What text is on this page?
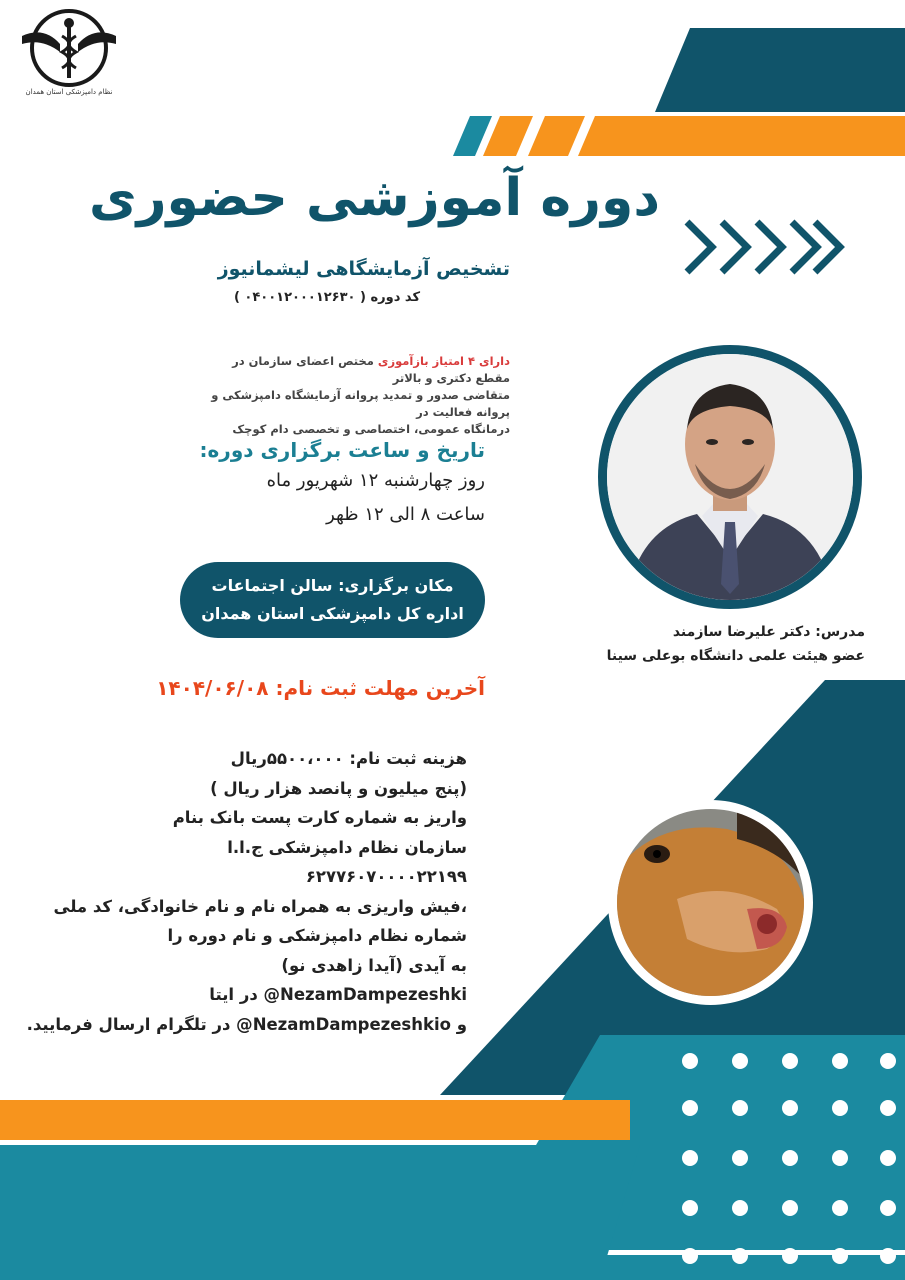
نظام دامپزشکی استان همدان
دوره آموزشی حضوری
تشخیص آزمایشگاهی لیشمانیوز
کد دوره ( ۰۴۰۰۱۲۰۰۰۱۲۶۳۰ )
دارای ۴ امتیاز بازآموزی مختص اعضای سازمان در مقطع دکتری و بالاتر
متقاضی صدور و تمدید پروانه آزمایشگاه دامپزشکی و پروانه فعالیت در
درمانگاه عمومی، اختصاصی و تخصصی دام کوچک
تاریخ و ساعت برگزاری دوره:
روز چهارشنبه ۱۲ شهریور ماه
ساعت ۸ الی ۱۲ ظهر
مکان برگزاری: سالن اجتماعات
اداره کل دامپزشکی استان همدان
آخرین مهلت ثبت نام: ۱۴۰۴/۰۶/۰۸
هزینه ثبت نام: ۵۵۰۰،۰۰۰ریال
(پنج میلیون و پانصد هزار ریال )
واریز به شماره کارت پست بانک بنام
سازمان نظام دامپزشکی ج.ا.ا
۶۲۷۷۶۰۷۰۰۰۰۲۲۱۹۹
،فیش واریزی به همراه نام و نام خانوادگی، کد ملی
شماره نظام دامپزشکی و نام دوره را
به آیدی (آیدا زاهدی نو)
NezamDampezeshki@ در ایتا
و NezamDampezeshkio@ در تلگرام ارسال فرمایید.
مدرس: دکتر علیرضا سازمند
عضو هیئت علمی دانشگاه بوعلی سینا
